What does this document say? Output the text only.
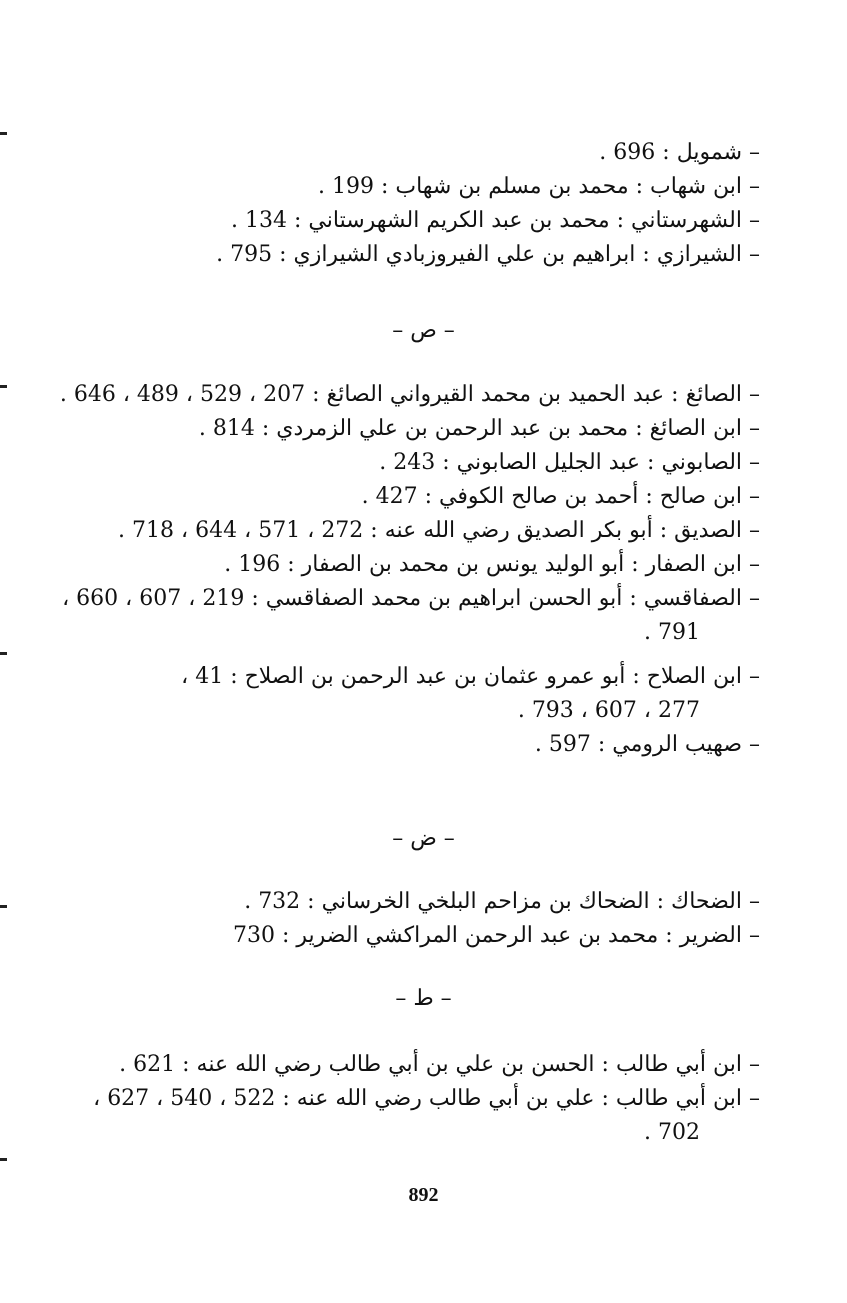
– شمويل : 696 .
– ابن شهاب : محمد بن مسلم بن شهاب : 199 .
– الشهرستاني : محمد بن عبد الكريم الشهرستاني : 134 .
– الشيرازي : ابراهيم بن علي الفيروزبادي الشيرازي : 795 .
– ص –
– الصائغ : عبد الحميد بن محمد القيرواني الصائغ : 207 ، 529 ، 489 ، 646 .
– ابن الصائغ : محمد بن عبد الرحمن بن علي الزمردي : 814 .
– الصابوني : عبد الجليل الصابوني : 243 .
– ابن صالح : أحمد بن صالح الكوفي : 427 .
– الصديق : أبو بكر الصديق رضي الله عنه : 272 ، 571 ، 644 ، 718 .
– ابن الصفار : أبو الوليد يونس بن محمد بن الصفار : 196 .
– الصفاقسي : أبو الحسن ابراهيم بن محمد الصفاقسي : 219 ، 607 ، 660 ،
791 .
– ابن الصلاح : أبو عمرو عثمان بن عبد الرحمن بن الصلاح : 41 ،
277 ، 607 ، 793 .
– صهيب الرومي : 597 .
– ض –
– الضحاك : الضحاك بن مزاحم البلخي الخرساني : 732 .
– الضرير : محمد بن عبد الرحمن المراكشي الضرير : 730
– ط –
– ابن أبي طالب : الحسن بن علي بن أبي طالب رضي الله عنه : 621 .
– ابن أبي طالب : علي بن أبي طالب رضي الله عنه : 522 ، 540 ، 627 ،
702 .
892
